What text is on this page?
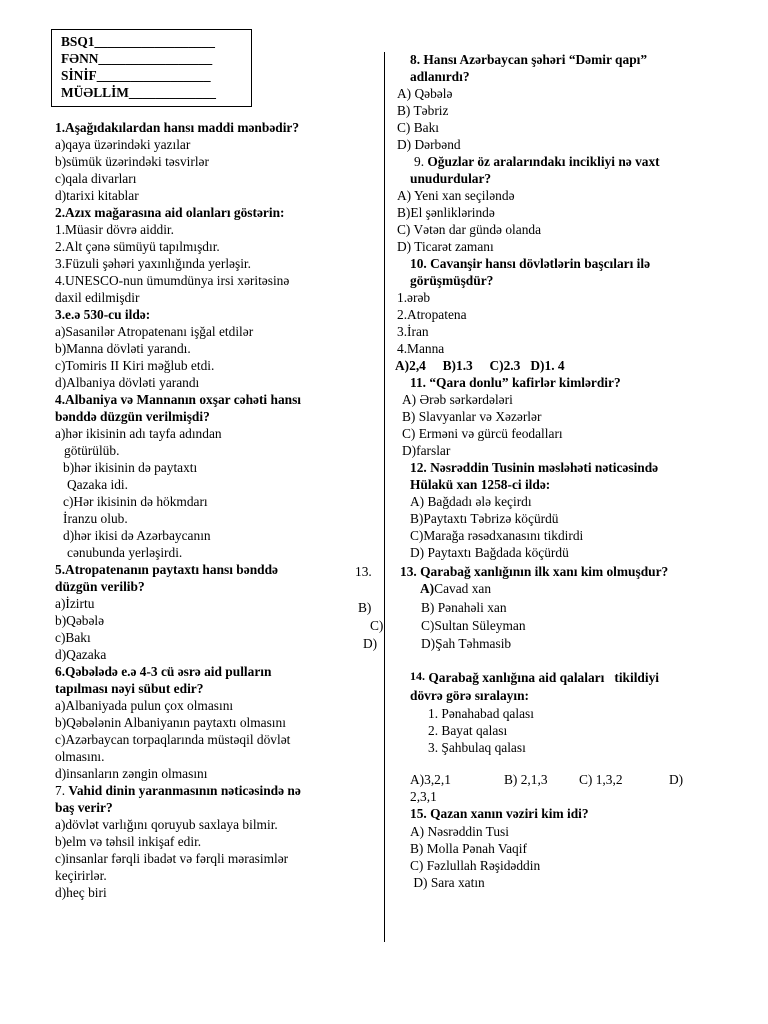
BSQ1__________________
FƏNN_________________
SİNİF_________________
MÜƏLLİM_____________
1.Aşağıdakılardan hansı maddi mənbədir?
a)qaya üzərindəki yazılar
b)sümük üzərindəki təsvirlər
c)qala divarları
d)tarixi kitablar
2.Azıx mağarasına aid olanları göstərin:
1.Müasir dövrə aiddir.
2.Alt çənə sümüyü tapılmışdır.
3.Füzuli şəhəri yaxınlığında yerləşir.
4.UNESCO-nun ümumdünya irsi xəritəsinə
daxil edilmişdir
3.e.ə 530-cu ildə:
a)Sasanilər Atropatenanı işğal etdilər
b)Manna dövləti yarandı.
c)Tomiris II Kiri məğlub etdi.
d)Albaniya dövləti yarandı
4.Albaniya və Mannanın oxşar cəhəti hansı
bənddə düzgün verilmişdi?
a)hər ikisinin adı tayfa adından
götürülüb.
b)hər ikisinin də paytaxtı
Qazaka idi.
c)Hər ikisinin də hökmdarı
İranzu olub.
d)hər ikisi də Azərbaycanın
cənubunda yerləşirdi.
5.Atropatenanın paytaxtı hansı bənddə
düzgün verilib?
a)İzirtu
b)Qəbələ
c)Bakı
d)Qazaka
6.Qəbələdə e.ə 4-3 cü əsrə aid pulların
tapılması nəyi sübut edir?
a)Albaniyada pulun çox olmasını
b)Qəbələnin Albaniyanın paytaxtı olmasını
c)Azərbaycan torpaqlarında müstəqil dövlət
olmasını.
d)insanların zəngin olmasını
7. Vahid dinin yaranmasının nəticəsində nə
baş verir?
a)dövlət varlığını qoruyub saxlaya bilmir.
b)elm və təhsil inkişaf edir.
c)insanlar fərqli ibadət və fərqli mərasimlər
keçirirlər.
d)heç biri
8. Hansı Azərbaycan şəhəri “Dəmir qapı”
adlanırdı?
A) Qəbələ
B) Təbriz
C) Bakı
D) Dərbənd
9. Oğuzlar öz aralarındakı incikliyi nə vaxt
unudurdular?
A) Yeni xan seçiləndə
B)El şənliklərində
C) Vətən dar gündə olanda
D) Ticarət zamanı
10. Cavanşir hansı dövlətlərin başcıları ilə
görüşmüşdür?
1.ərəb
2.Atropatena
3.İran
4.Manna
A)2,4     B)1.3     C)2.3   D)1. 4
11. “Qara donlu” kafirlər kimlərdir?
A) Ərəb sərkərdələri
B) Slavyanlar və Xəzərlər
C) Ermәni və gürcü feodalları
D)farslar
12. Nəsrəddin Tusinin məsləhəti nəticəsində
Hülakü xan 1258-ci ildə:
A) Bağdadı ələ keçirdı
B)Paytaxtı Təbrizə köçürdü
C)Marağa rəsədxanasını tikdirdi
D) Paytaxtı Bağdada köçürdü
13. 13. Qarabağ xanlığının ilk xanı kim olmuşdur?
A)Cavad xan
B)	B) Pənahəli xan
C)	C)Sultan Süleyman
D)	D)Şah Təhmasib
14. Qarabağ xanlığına aid qalaları   tikildiyi
dövrə görə sıralayın:
1. Pənahabad qalası
2. Bayat qalası
3. Şahbulaq qalası
A)3,2,1	B) 2,1,3 C) 1,3,2	D)
2,3,1
15. Qazan xanın vəziri kim idi?
A) Nəsrəddin Tusi
B) Molla Pənah Vaqif
C) Fəzlullah Rəşidəddin
D) Sara xatın
